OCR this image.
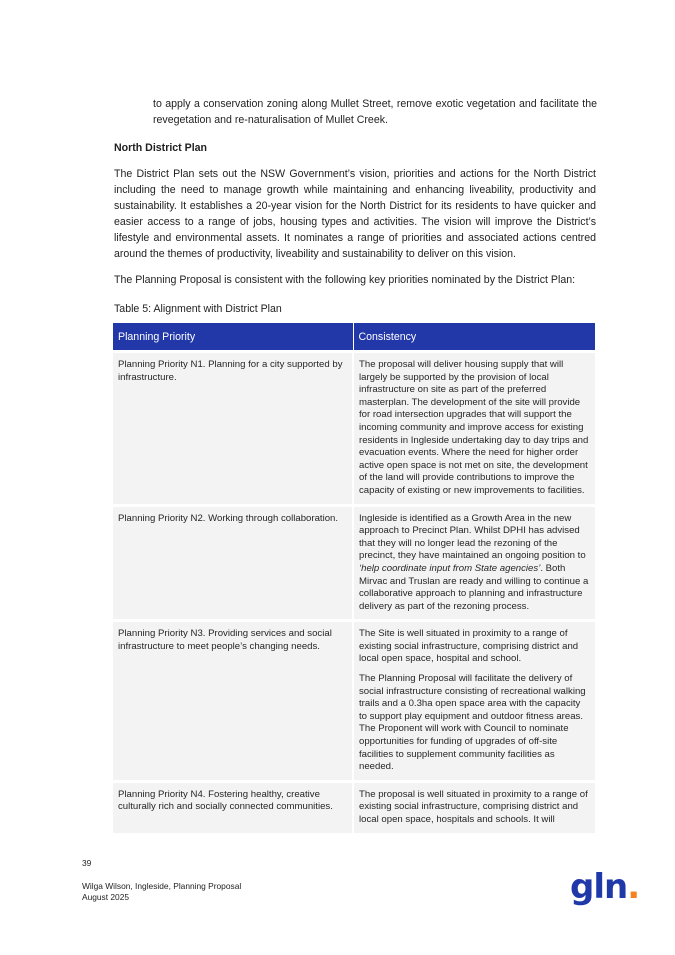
to apply a conservation zoning along Mullet Street, remove exotic vegetation and facilitate the revegetation and re-naturalisation of Mullet Creek.
North District Plan
The District Plan sets out the NSW Government’s vision, priorities and actions for the North District including the need to manage growth while maintaining and enhancing liveability, productivity and sustainability. It establishes a 20-year vision for the North District for its residents to have quicker and easier access to a range of jobs, housing types and activities. The vision will improve the District’s lifestyle and environmental assets. It nominates a range of priorities and associated actions centred around the themes of productivity, liveability and sustainability to deliver on this vision.
The Planning Proposal is consistent with the following key priorities nominated by the District Plan:
Table 5: Alignment with District Plan
Planning Priority	Consistency
Planning Priority N1. Planning for a city supported by infrastructure.	The proposal will deliver housing supply that will largely be supported by the provision of local infrastructure on site as part of the preferred masterplan. The development of the site will provide for road intersection upgrades that will support the incoming community and improve access for existing residents in Ingleside undertaking day to day trips and evacuation events. Where the need for higher order active open space is not met on site, the development of the land will provide contributions to improve the capacity of existing or new improvements to facilities.

Planning Priority N2. Working through collaboration.	Ingleside is identified as a Growth Area in the new approach to Precinct Plan. Whilst DPHI has advised that they will no longer lead the rezoning of the precinct, they have maintained an ongoing position to ‘help coordinate input from State agencies’. Both Mirvac and Truslan are ready and willing to continue a collaborative approach to planning and infrastructure delivery as part of the rezoning process.

Planning Priority N3. Providing services and social infrastructure to meet people’s changing needs.	The Site is well situated in proximity to a range of existing social infrastructure, comprising district and local open space, hospital and school.

The Planning Proposal will facilitate the delivery of social infrastructure consisting of recreational walking trails and a 0.3ha open space area with the capacity to support play equipment and outdoor fitness areas. The Proponent will work with Council to nominate opportunities for funding of upgrades of off-site facilities to supplement community facilities as needed.

Planning Priority N4. Fostering healthy, creative culturally rich and socially connected communities.	The proposal is well situated in proximity to a range of existing social infrastructure, comprising district and local open space, hospitals and schools. It will

39
Wilga Wilson, Ingleside, Planning Proposal
August 2025	gln.
